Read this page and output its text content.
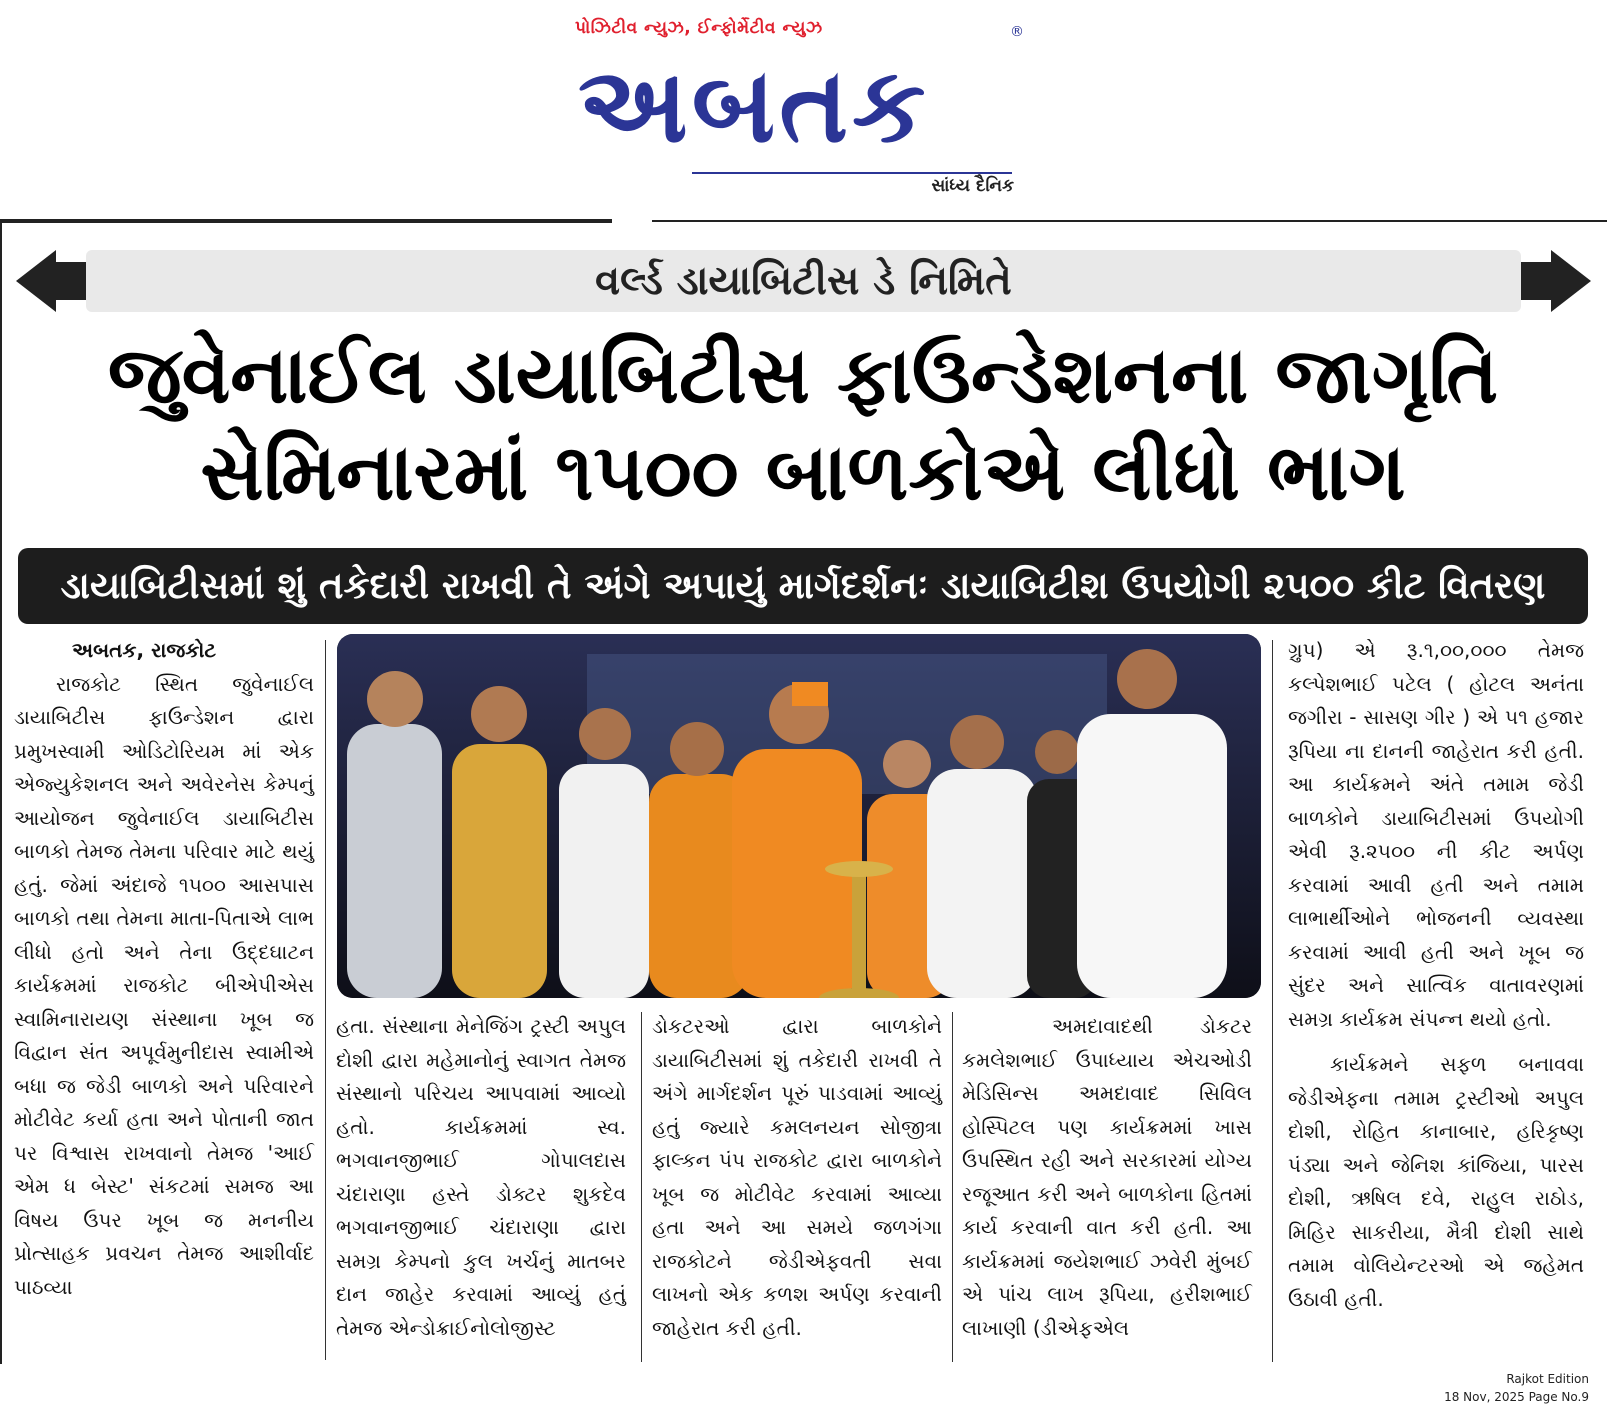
પોઝિટીવ ન્યુઝ, ઈન્ફોર્મેટીવ ન્યુઝ
અબતક
®
સાંધ્ય દૈનિક
વર્લ્ડ ડાયાબિટીસ ડે નિમિતે
જુવેનાઈલ ડાયાબિટીસ ફાઉન્ડેશનના જાગૃતિ
સેમિનારમાં ૧૫૦૦ બાળકોએ લીધો ભાગ
ડાયાબિટીસમાં શું તકેદારી રાખવી તે અંગે અપાયું માર્ગદર્શનઃ ડાયાબિટીશ ઉપયોગી ૨૫૦૦ કીટ વિતરણ

અબતક, રાજકોટ

રાજકોટ સ્થિત જુવેનાઈલ ડાયાબિટીસ ફાઉન્ડેશન દ્વારા પ્રમુખસ્વામી ઓડિટોરિયમ માં એક એજ્યુકેશનલ અને અવેરનેસ કેમ્પનું આયોજન જુવેનાઈલ ડાયાબિટીસ બાળકો તેમજ તેમના પરિવાર માટે થયું હતું. જેમાં અંદાજે ૧૫૦૦ આસપાસ બાળકો તથા તેમના માતા-પિતાએ લાભ લીધો હતો અને તેના ઉદ્દઘાટન કાર્યક્રમમાં રાજકોટ બીએપીએસ સ્વામિનારાયણ સંસ્થાના ખૂબ જ વિદ્વાન સંત અપૂર્વમુનીદાસ સ્વામીએ બધા જ જેડી બાળકો અને પરિવારને મોટીવેટ કર્યા હતા અને પોતાની જાત પર વિશ્વાસ રાખવાનો તેમજ 'આઈ એમ ધ બેસ્ટ' સંકટમાં સમજ આ વિષય ઉપર ખૂબ જ મનનીય પ્રોત્સાહક પ્રવચન તેમજ આશીર્વાદ પાઠવ્યા

હતા. સંસ્થાના મેનેજિંગ ટ્રસ્ટી અપુલ દોશી દ્વારા મહેમાનોનું સ્વાગત તેમજ સંસ્થાનો પરિચય આપવામાં આવ્યો હતો. કાર્યક્રમમાં સ્વ. ભગવાનજીભાઈ ગોપાલદાસ ચંદારાણા હસ્તે ડોક્ટર શુકદેવ ભગવાનજીભાઈ ચંદારાણા દ્વારા સમગ્ર કેમ્પનો કુલ ખર્ચનું માતબર દાન જાહેર કરવામાં આવ્યું હતું તેમજ એન્ડોક્રાઈનોલોજીસ્ટ

ડોકટરઓ દ્વારા બાળકોને ડાયાબિટીસમાં શું તકેદારી રાખવી તે અંગે માર્ગદર્શન પૂરું પાડવામાં આવ્યું હતું જ્યારે કમલનયન સોજીત્રા ફાલ્કન પંપ રાજકોટ દ્વારા બાળકોને ખૂબ જ મોટીવેટ કરવામાં આવ્યા હતા અને આ સમયે જળગંગા રાજકોટને જેડીએફવતી સવા લાખનો એક કળશ અર્પણ કરવાની જાહેરાત કરી હતી.

અમદાવાદથી ડોકટર કમલેશભાઈ ઉપાધ્યાય એચઓડી મેડિસિન્સ અમદાવાદ સિવિલ હોસ્પિટલ પણ કાર્યક્રમમાં ખાસ ઉપસ્થિત રહી અને સરકારમાં યોગ્ય રજૂઆત કરી અને બાળકોના હિતમાં કાર્ય કરવાની વાત કરી હતી. આ કાર્યક્રમમાં જયેશભાઈ ઝવેરી મુંબઈ એ પાંચ લાખ રૂપિયા, હરીશભાઈ લાખાણી (ડીએફએલ

ગ્રુપ) એ રૂ.૧,૦૦,૦૦૦ તેમજ કલ્પેશભાઈ પટેલ ( હોટલ અનંતા જગીરા - સાસણ ગીર ) એ ૫૧ હજાર રૂપિયા ના દાનની જાહેરાત કરી હતી. આ કાર્યક્રમને અંતે તમામ જેડી બાળકોને ડાયાબિટીસમાં ઉપયોગી એવી રૂ.૨૫૦૦ ની કીટ અર્પણ કરવામાં આવી હતી અને તમામ લાભાર્થીઓને ભોજનની વ્યવસ્થા કરવામાં આવી હતી અને ખૂબ જ સુંદર અને સાત્વિક વાતાવરણમાં સમગ્ર કાર્યક્રમ સંપન્ન થયો હતો.

કાર્યક્રમને સફળ બનાવવા જેડીએફના તમામ ટ્રસ્ટીઓ અપુલ દોશી, રોહિત કાનાબાર, હરિકૃષ્ણ પંડ્યા અને જેનિશ કાંજિયા, પારસ દોશી, ઋષિલ દવે, રાહુલ રાઠોડ, મિહિર સાકરીયા, મૈત્રી દોશી સાથે તમામ વોલિયેન્ટરઓ એ જહેમત ઉઠાવી હતી.

Rajkot Edition
18 Nov, 2025 Page No.9
